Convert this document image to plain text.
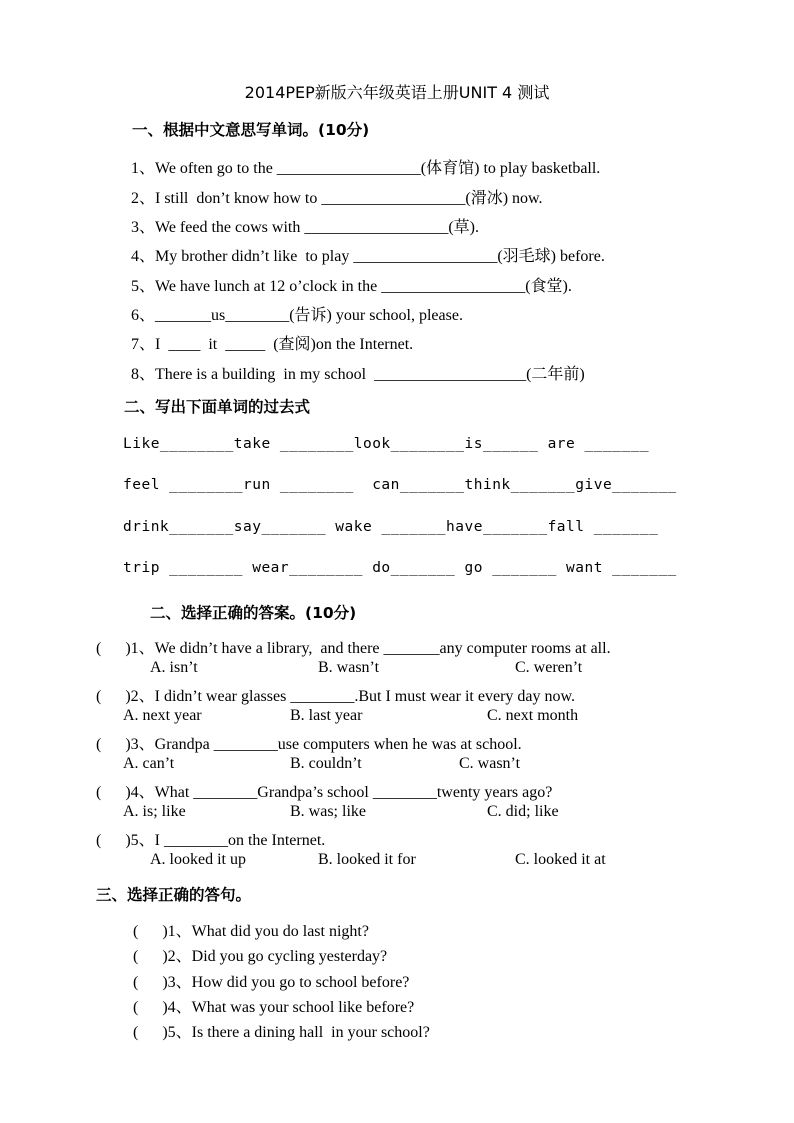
2014PEP新版六年级英语上册UNIT 4 测试
一、根据中文意思写单词。(10分)
1、We often go to the __________________(体育馆) to play basketball.
2、I still  don’t know how to __________________(滑冰) now.
3、We feed the cows with __________________(草).
4、My brother didn’t like  to play __________________(羽毛球) before.
5、We have lunch at 12 o’clock in the __________________(食堂).
6、_______us________(告诉) your school, please.
7、I  ____  it  _____  (查阅)on the Internet.
8、There is a building  in my school  ___________________(二年前)
二、写出下面单词的过去式
Like________take ________look________is______ are _______
feel ________run ________  can_______think_______give_______
drink_______say_______ wake _______have_______fall _______
trip ________ wear________ do_______ go _______ want _______
二、选择正确的答案。(10分)
(      )1、We didn’t have a library,  and there _______any computer rooms at all.
A. isn’t	B. wasn’t	C. weren’t
(      )2、I didn’t wear glasses ________.But I must wear it every day now.
A. next year	B. last year	C. next month
(      )3、Grandpa ________use computers when he was at school.
A. can’t	B. couldn’t	C. wasn’t
(      )4、What ________Grandpa’s school ________twenty years ago?
A. is; like	B. was; like	C. did; like
(      )5、I ________on the Internet.
A. looked it up	B. looked it for	C. looked it at
三、选择正确的答句。
(      )1、What did you do last night?
(      )2、Did you go cycling yesterday?
(      )3、How did you go to school before?
(      )4、What was your school like before?
(      )5、Is there a dining hall  in your school?
